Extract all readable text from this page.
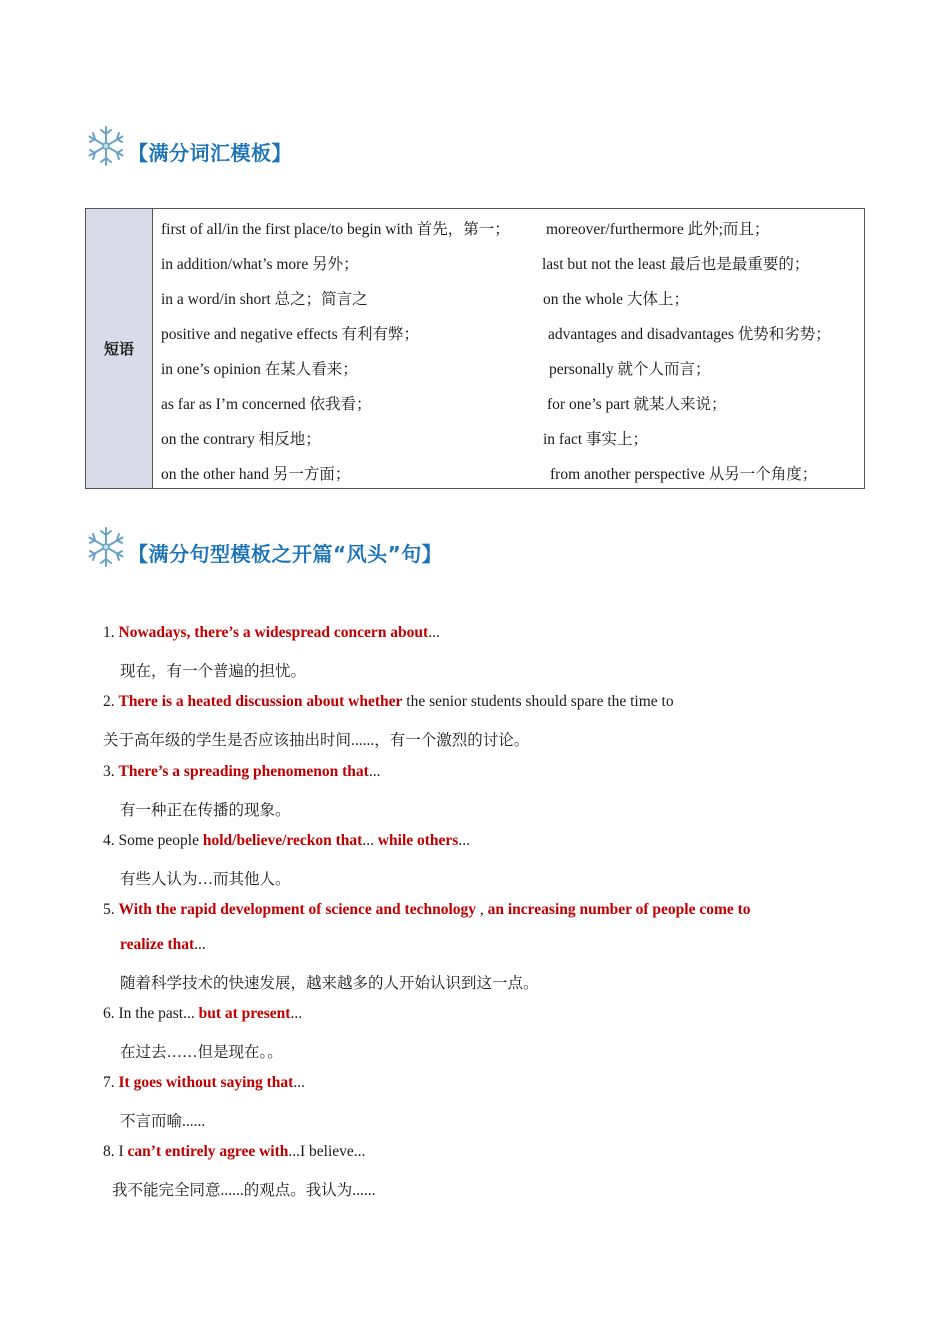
【满分词汇模板】
短语
first of all/in the first place/to begin with 首先，第一； moreover/furthermore 此外;而且；
in addition/what’s more 另外；	last but not the least 最后也是最重要的；
in a word/in short 总之；简言之	on the whole 大体上；
positive and negative effects 有利有弊；	advantages and disadvantages 优势和劣势；
in one’s opinion 在某人看来；	personally 就个人而言；
as far as I’m concerned 依我看；	for one’s part 就某人来说；
on the contrary 相反地；	in fact 事实上；
on the other hand 另一方面；	from another perspective 从另一个角度；
【满分句型模板之开篇“风头”句】
1. Nowadays, there’s a widespread concern about...
现在，有一个普遍的担忧。
2. There is a heated discussion about whether the senior students should spare the time to
关于高年级的学生是否应该抽出时间......，有一个激烈的讨论。
3. There’s a spreading phenomenon that...
有一种正在传播的现象。
4. Some people hold/believe/reckon that... while others...
有些人认为…而其他人。
5. With the rapid development of science and technology , an increasing number of people come to
realize that...
随着科学技术的快速发展，越来越多的人开始认识到这一点。
6. In the past... but at present...
在过去……但是现在。。
7. It goes without saying that...
不言而喻......
8. I can’t entirely agree with...I believe...
我不能完全同意......的观点。我认为......
